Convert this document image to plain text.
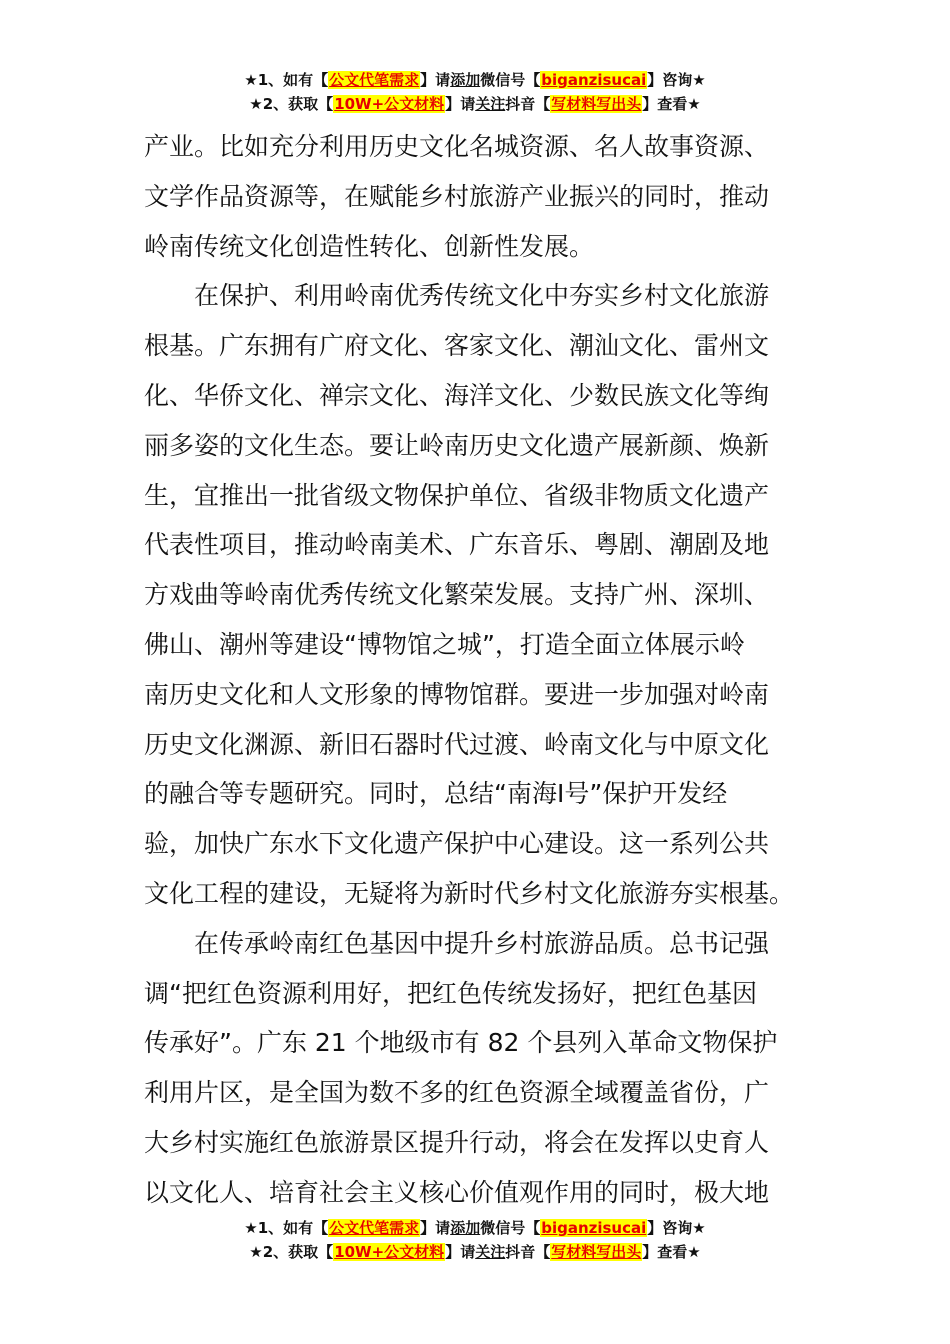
★1、如有【公文代笔需求】请添加微信号【biganzisucai】咨询★
★2、获取【10W+公文材料】请关注抖音【写材料写出头】查看★
产业。比如充分利用历史文化名城资源、名人故事资源、
文学作品资源等，在赋能乡村旅游产业振兴的同时，推动
岭南传统文化创造性转化、创新性发展。
　　在保护、利用岭南优秀传统文化中夯实乡村文化旅游
根基。广东拥有广府文化、客家文化、潮汕文化、雷州文
化、华侨文化、禅宗文化、海洋文化、少数民族文化等绚
丽多姿的文化生态。要让岭南历史文化遗产展新颜、焕新
生，宜推出一批省级文物保护单位、省级非物质文化遗产
代表性项目，推动岭南美术、广东音乐、粤剧、潮剧及地
方戏曲等岭南优秀传统文化繁荣发展。支持广州、深圳、
佛山、潮州等建设“博物馆之城”，打造全面立体展示岭
南历史文化和人文形象的博物馆群。要进一步加强对岭南
历史文化渊源、新旧石器时代过渡、岭南文化与中原文化
的融合等专题研究。同时，总结“南海Ⅰ号”保护开发经
验，加快广东水下文化遗产保护中心建设。这一系列公共
文化工程的建设，无疑将为新时代乡村文化旅游夯实根基。
　　在传承岭南红色基因中提升乡村旅游品质。总书记强
调“把红色资源利用好，把红色传统发扬好，把红色基因
传承好”。广东 21 个地级市有 82 个县列入革命文物保护
利用片区，是全国为数不多的红色资源全域覆盖省份，广
大乡村实施红色旅游景区提升行动，将会在发挥以史育人
以文化人、培育社会主义核心价值观作用的同时，极大地
★1、如有【公文代笔需求】请添加微信号【biganzisucai】咨询★
★2、获取【10W+公文材料】请关注抖音【写材料写出头】查看★
